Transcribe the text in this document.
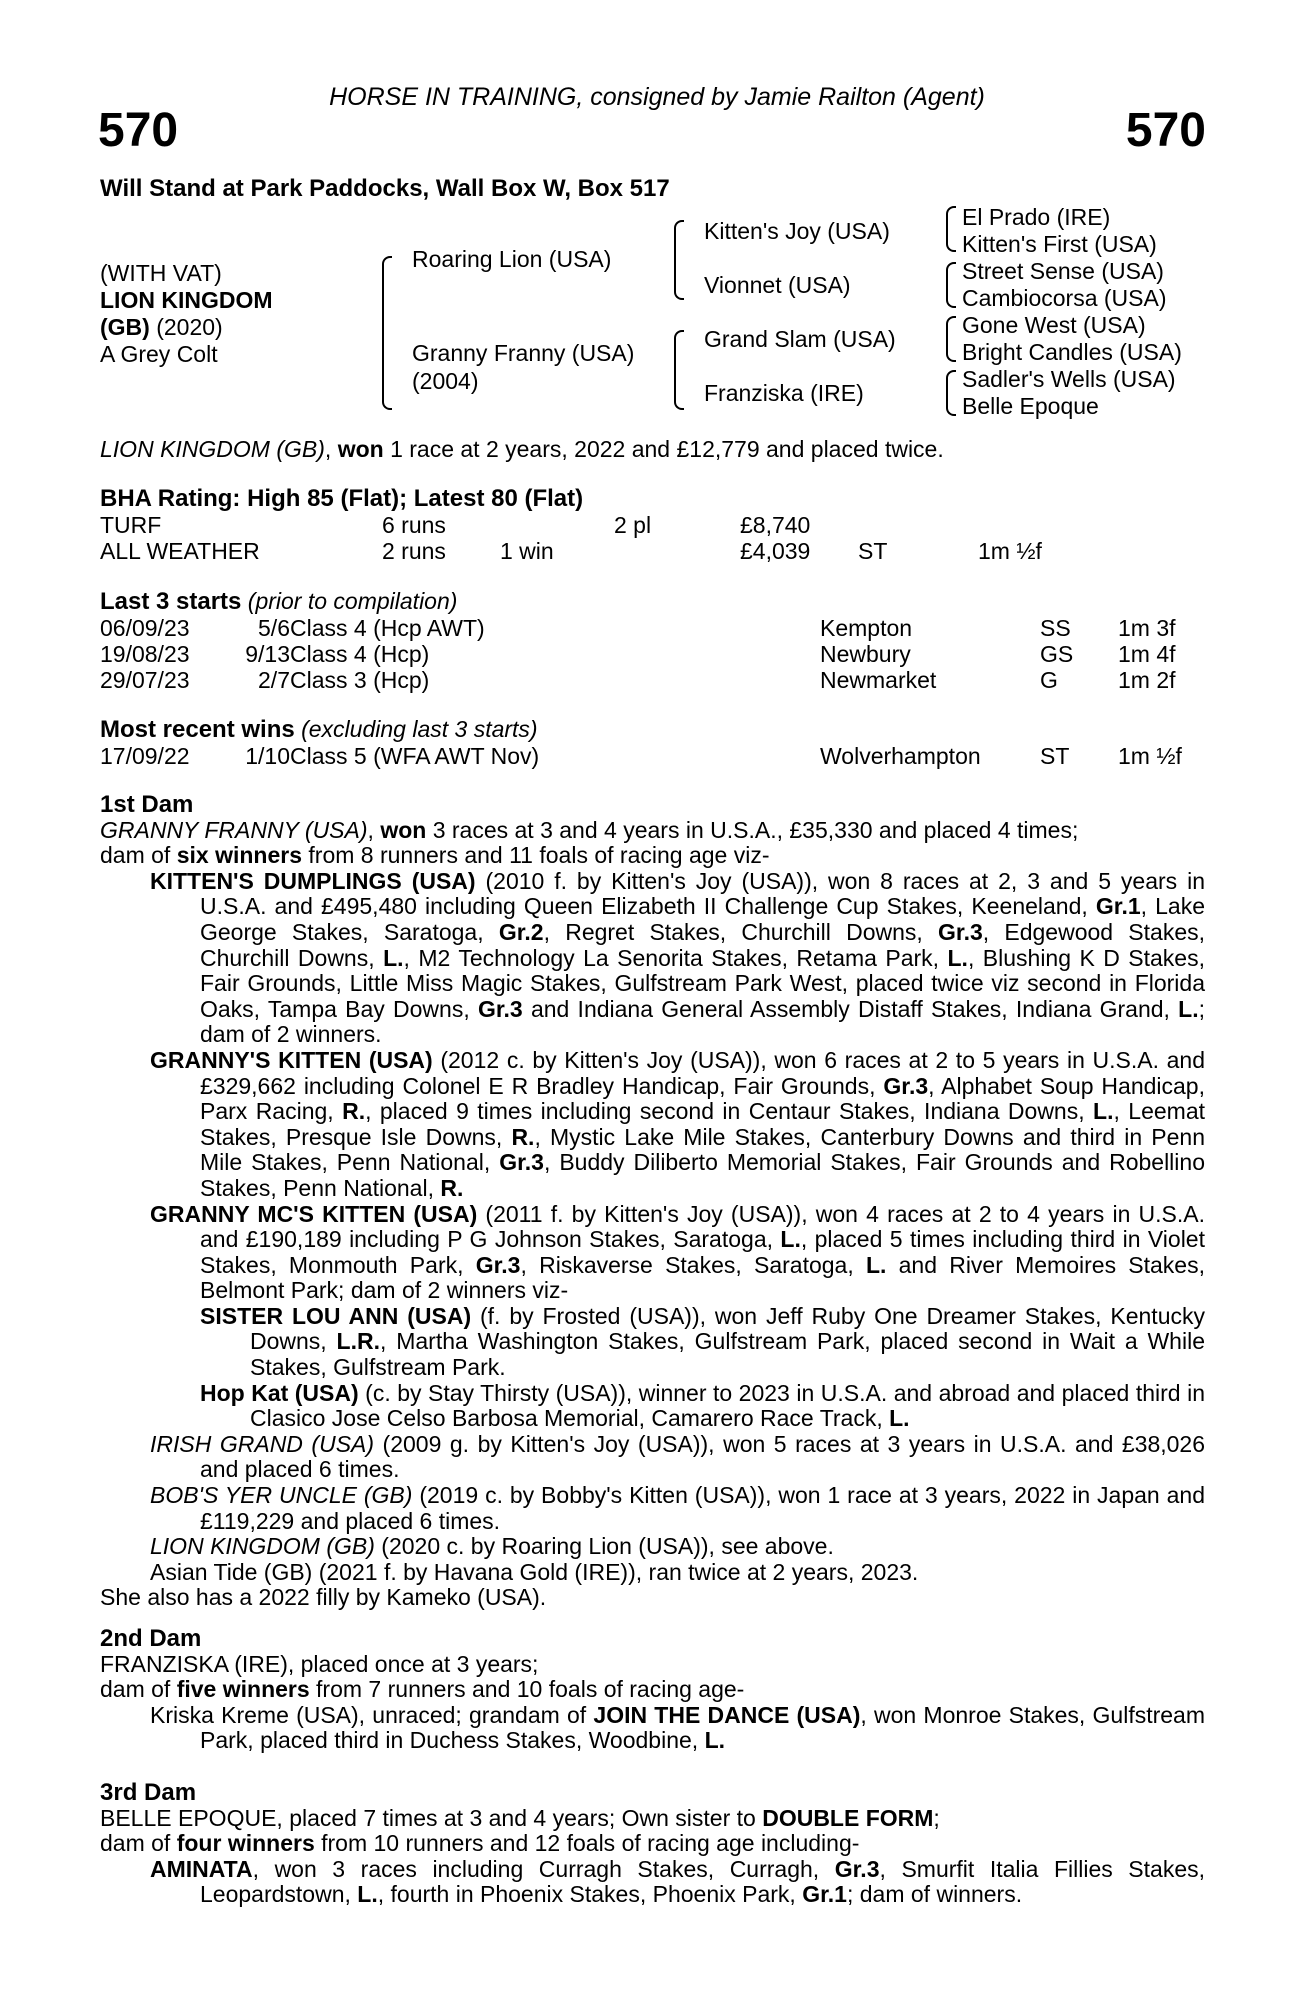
HORSE IN TRAINING, consigned by Jamie Railton (Agent)
570	570
Will Stand at Park Paddocks, Wall Box W, Box 517
(WITH VAT)
LION KINGDOM
(GB) (2020)
A Grey Colt
Roaring Lion (USA)
Granny Franny (USA)
(2004)
Kitten's Joy (USA)
Vionnet (USA)
Grand Slam (USA)
Franziska (IRE)
El Prado (IRE)
Kitten's First (USA)
Street Sense (USA)
Cambiocorsa (USA)
Gone West (USA)
Bright Candles (USA)
Sadler's Wells (USA)
Belle Epoque
LION KINGDOM (GB), won 1 race at 2 years, 2022 and £12,779 and placed twice.
BHA Rating: High 85 (Flat); Latest 80 (Flat)
TURF	6 runs	2 pl	£8,740
ALL WEATHER	2 runs 1 win	£4,039 ST	1m ½f
Last 3 starts (prior to compilation)
06/09/23	5/6 Class 4 (Hcp AWT)	Kempton	SS 1m 3f
19/08/23	9/13 Class 4 (Hcp)	Newbury	GS 1m 4f
29/07/23	2/7 Class 3 (Hcp)	Newmarket	G	1m 2f
Most recent wins (excluding last 3 starts)
17/09/22	1/10 Class 5 (WFA AWT Nov)	Wolverhampton	ST 1m ½f
1st Dam

GRANNY FRANNY (USA), won 3 races at 3 and 4 years in U.S.A., £35,330 and placed 4 times;

dam of six winners from 8 runners and 11 foals of racing age viz-

KITTEN'S DUMPLINGS (USA) (2010 f. by Kitten's Joy (USA)), won 8 races at 2, 3 and 5 years in U.S.A. and £495,480 including Queen Elizabeth II Challenge Cup Stakes, Keeneland, Gr.1, Lake George Stakes, Saratoga, Gr.2, Regret Stakes, Churchill Downs, Gr.3, Edgewood Stakes, Churchill Downs, L., M2 Technology La Senorita Stakes, Retama Park, L., Blushing K D Stakes, Fair Grounds, Little Miss Magic Stakes, Gulfstream Park West, placed twice viz second in Florida Oaks, Tampa Bay Downs, Gr.3 and Indiana General Assembly Distaff Stakes, Indiana Grand, L.; dam of 2 winners.

GRANNY'S KITTEN (USA) (2012 c. by Kitten's Joy (USA)), won 6 races at 2 to 5 years in U.S.A. and £329,662 including Colonel E R Bradley Handicap, Fair Grounds, Gr.3, Alphabet Soup Handicap, Parx Racing, R., placed 9 times including second in Centaur Stakes, Indiana Downs, L., Leemat Stakes, Presque Isle Downs, R., Mystic Lake Mile Stakes, Canterbury Downs and third in Penn Mile Stakes, Penn National, Gr.3, Buddy Diliberto Memorial Stakes, Fair Grounds and Robellino Stakes, Penn National, R.

GRANNY MC'S KITTEN (USA) (2011 f. by Kitten's Joy (USA)), won 4 races at 2 to 4 years in U.S.A. and £190,189 including P G Johnson Stakes, Saratoga, L., placed 5 times including third in Violet Stakes, Monmouth Park, Gr.3, Riskaverse Stakes, Saratoga, L. and River Memoires Stakes, Belmont Park; dam of 2 winners viz-

SISTER LOU ANN (USA) (f. by Frosted (USA)), won Jeff Ruby One Dreamer Stakes, Kentucky Downs, L.R., Martha Washington Stakes, Gulfstream Park, placed second in Wait a While Stakes, Gulfstream Park.

Hop Kat (USA) (c. by Stay Thirsty (USA)), winner to 2023 in U.S.A. and abroad and placed third in Clasico Jose Celso Barbosa Memorial, Camarero Race Track, L.

IRISH GRAND (USA) (2009 g. by Kitten's Joy (USA)), won 5 races at 3 years in U.S.A. and £38,026 and placed 6 times.

BOB'S YER UNCLE (GB) (2019 c. by Bobby's Kitten (USA)), won 1 race at 3 years, 2022 in Japan and £119,229 and placed 6 times.

LION KINGDOM (GB) (2020 c. by Roaring Lion (USA)), see above.

Asian Tide (GB) (2021 f. by Havana Gold (IRE)), ran twice at 2 years, 2023.

She also has a 2022 filly by Kameko (USA).

2nd Dam

FRANZISKA (IRE), placed once at 3 years;

dam of five winners from 7 runners and 10 foals of racing age-

Kriska Kreme (USA), unraced; grandam of JOIN THE DANCE (USA), won Monroe Stakes, Gulfstream Park, placed third in Duchess Stakes, Woodbine, L.

3rd Dam

BELLE EPOQUE, placed 7 times at 3 and 4 years; Own sister to DOUBLE FORM;

dam of four winners from 10 runners and 12 foals of racing age including-

AMINATA, won 3 races including Curragh Stakes, Curragh, Gr.3, Smurfit Italia Fillies Stakes, Leopardstown, L., fourth in Phoenix Stakes, Phoenix Park, Gr.1; dam of winners.
